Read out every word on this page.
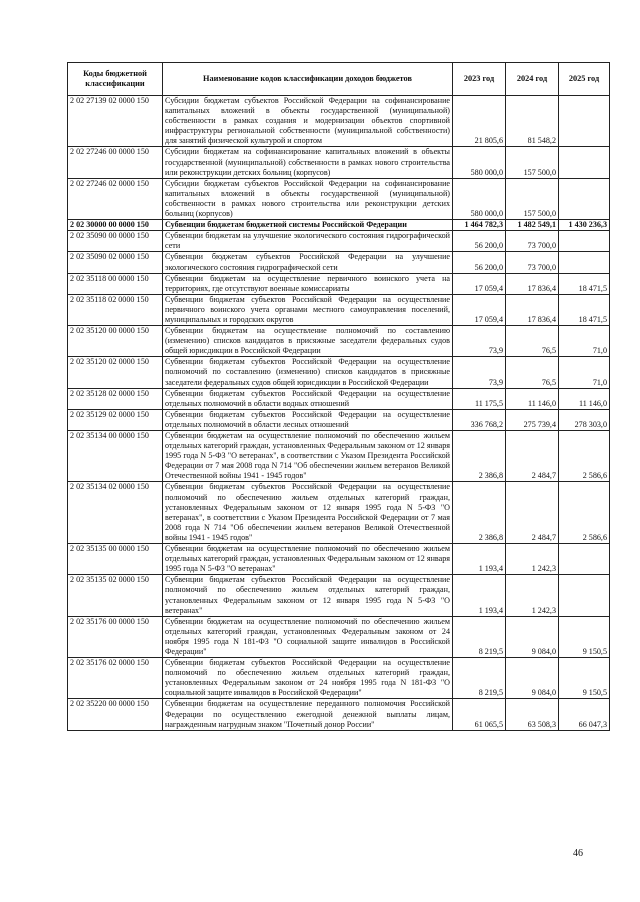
Коды бюджетной классификации	Наименование кодов классификации доходов бюджетов	2023 год	2024 год	2025 год
2 02 27139 02 0000 150	Субсидии бюджетам субъектов Российской Федерации на софинансирование капитальных вложений в объекты государственной (муниципальной) собственности в рамках создания и модернизации объектов спортивной инфраструктуры региональной собственности (муниципальной собственности) для занятий физической культурой и спортом	21 805,6	81 548,2	
2 02 27246 00 0000 150	Субсидии бюджетам на софинансирование капитальных вложений в объекты государственной (муниципальной) собственности в рамках нового строительства или реконструкции детских больниц (корпусов)	580 000,0	157 500,0	
2 02 27246 02 0000 150	Субсидии бюджетам субъектов Российской Федерации на софинансирование капитальных вложений в объекты государственной (муниципальной) собственности в рамках нового строительства или реконструкции детских больниц (корпусов)	580 000,0	157 500,0	
2 02 30000 00 0000 150	Субвенции бюджетам бюджетной системы Российской Федерации	1 464 782,3	1 482 549,1	1 430 236,3
2 02 35090 00 0000 150	Субвенции бюджетам на улучшение экологического состояния гидрографической сети	56 200,0	73 700,0	
2 02 35090 02 0000 150	Субвенции бюджетам субъектов Российской Федерации на улучшение экологического состояния гидрографической сети	56 200,0	73 700,0	
2 02 35118 00 0000 150	Субвенции бюджетам на осуществление первичного воинского учета на территориях, где отсутствуют военные комиссариаты	17 059,4	17 836,4	18 471,5
2 02 35118 02 0000 150	Субвенции бюджетам субъектов Российской Федерации на осуществление первичного воинского учета органами местного самоуправления поселений, муниципальных и городских округов	17 059,4	17 836,4	18 471,5
2 02 35120 00 0000 150	Субвенции бюджетам на осуществление полномочий по составлению (изменению) списков кандидатов в присяжные заседатели федеральных судов общей юрисдикции в Российской Федерации	73,9	76,5	71,0
2 02 35120 02 0000 150	Субвенции бюджетам субъектов Российской Федерации на осуществление полномочий по составлению (изменению) списков кандидатов в присяжные заседатели федеральных судов общей юрисдикции в Российской Федерации	73,9	76,5	71,0
2 02 35128 02 0000 150	Субвенции бюджетам субъектов Российской Федерации на осуществление отдельных полномочий в области водных отношений	11 175,5	11 146,0	11 146,0
2 02 35129 02 0000 150	Субвенции бюджетам субъектов Российской Федерации на осуществление отдельных полномочий в области лесных отношений	336 768,2	275 739,4	278 303,0
2 02 35134 00 0000 150	Субвенции бюджетам на осуществление полномочий по обеспечению жильем отдельных категорий граждан, установленных Федеральным законом от 12 января 1995 года N 5-ФЗ "О ветеранах", в соответствии с Указом Президента Российской Федерации от 7 мая 2008 года N 714 "Об обеспечении жильем ветеранов Великой Отечественной войны 1941 - 1945 годов"	2 386,8	2 484,7	2 586,6
2 02 35134 02 0000 150	Субвенции бюджетам субъектов Российской Федерации на осуществление полномочий по обеспечению жильем отдельных категорий граждан, установленных Федеральным законом от 12 января 1995 года N 5-ФЗ "О ветеранах", в соответствии с Указом Президента Российской Федерации от 7 мая 2008 года N 714 "Об обеспечении жильем ветеранов Великой Отечественной войны 1941 - 1945 годов"	2 386,8	2 484,7	2 586,6
2 02 35135 00 0000 150	Субвенции бюджетам на осуществление полномочий по обеспечению жильем отдельных категорий граждан, установленных Федеральным законом от 12 января 1995 года N 5-ФЗ "О ветеранах"	1 193,4	1 242,3	
2 02 35135 02 0000 150	Субвенции бюджетам субъектов Российской Федерации на осуществление полномочий по обеспечению жильем отдельных категорий граждан, установленных Федеральным законом от 12 января 1995 года N 5-ФЗ "О ветеранах"	1 193,4	1 242,3	
2 02 35176 00 0000 150	Субвенции бюджетам на осуществление полномочий по обеспечению жильем отдельных категорий граждан, установленных Федеральным законом от 24 ноября 1995 года N 181-ФЗ "О социальной защите инвалидов в Российской Федерации"	8 219,5	9 084,0	9 150,5
2 02 35176 02 0000 150	Субвенции бюджетам субъектов Российской Федерации на осуществление полномочий по обеспечению жильем отдельных категорий граждан, установленных Федеральным законом от 24 ноября 1995 года N 181-ФЗ "О социальной защите инвалидов в Российской Федерации"	8 219,5	9 084,0	9 150,5
2 02 35220 00 0000 150	Субвенции бюджетам на осуществление переданного полномочия Российской Федерации по осуществлению ежегодной денежной выплаты лицам, награжденным нагрудным знаком "Почетный донор России"	61 065,5	63 508,3	66 047,3
46
